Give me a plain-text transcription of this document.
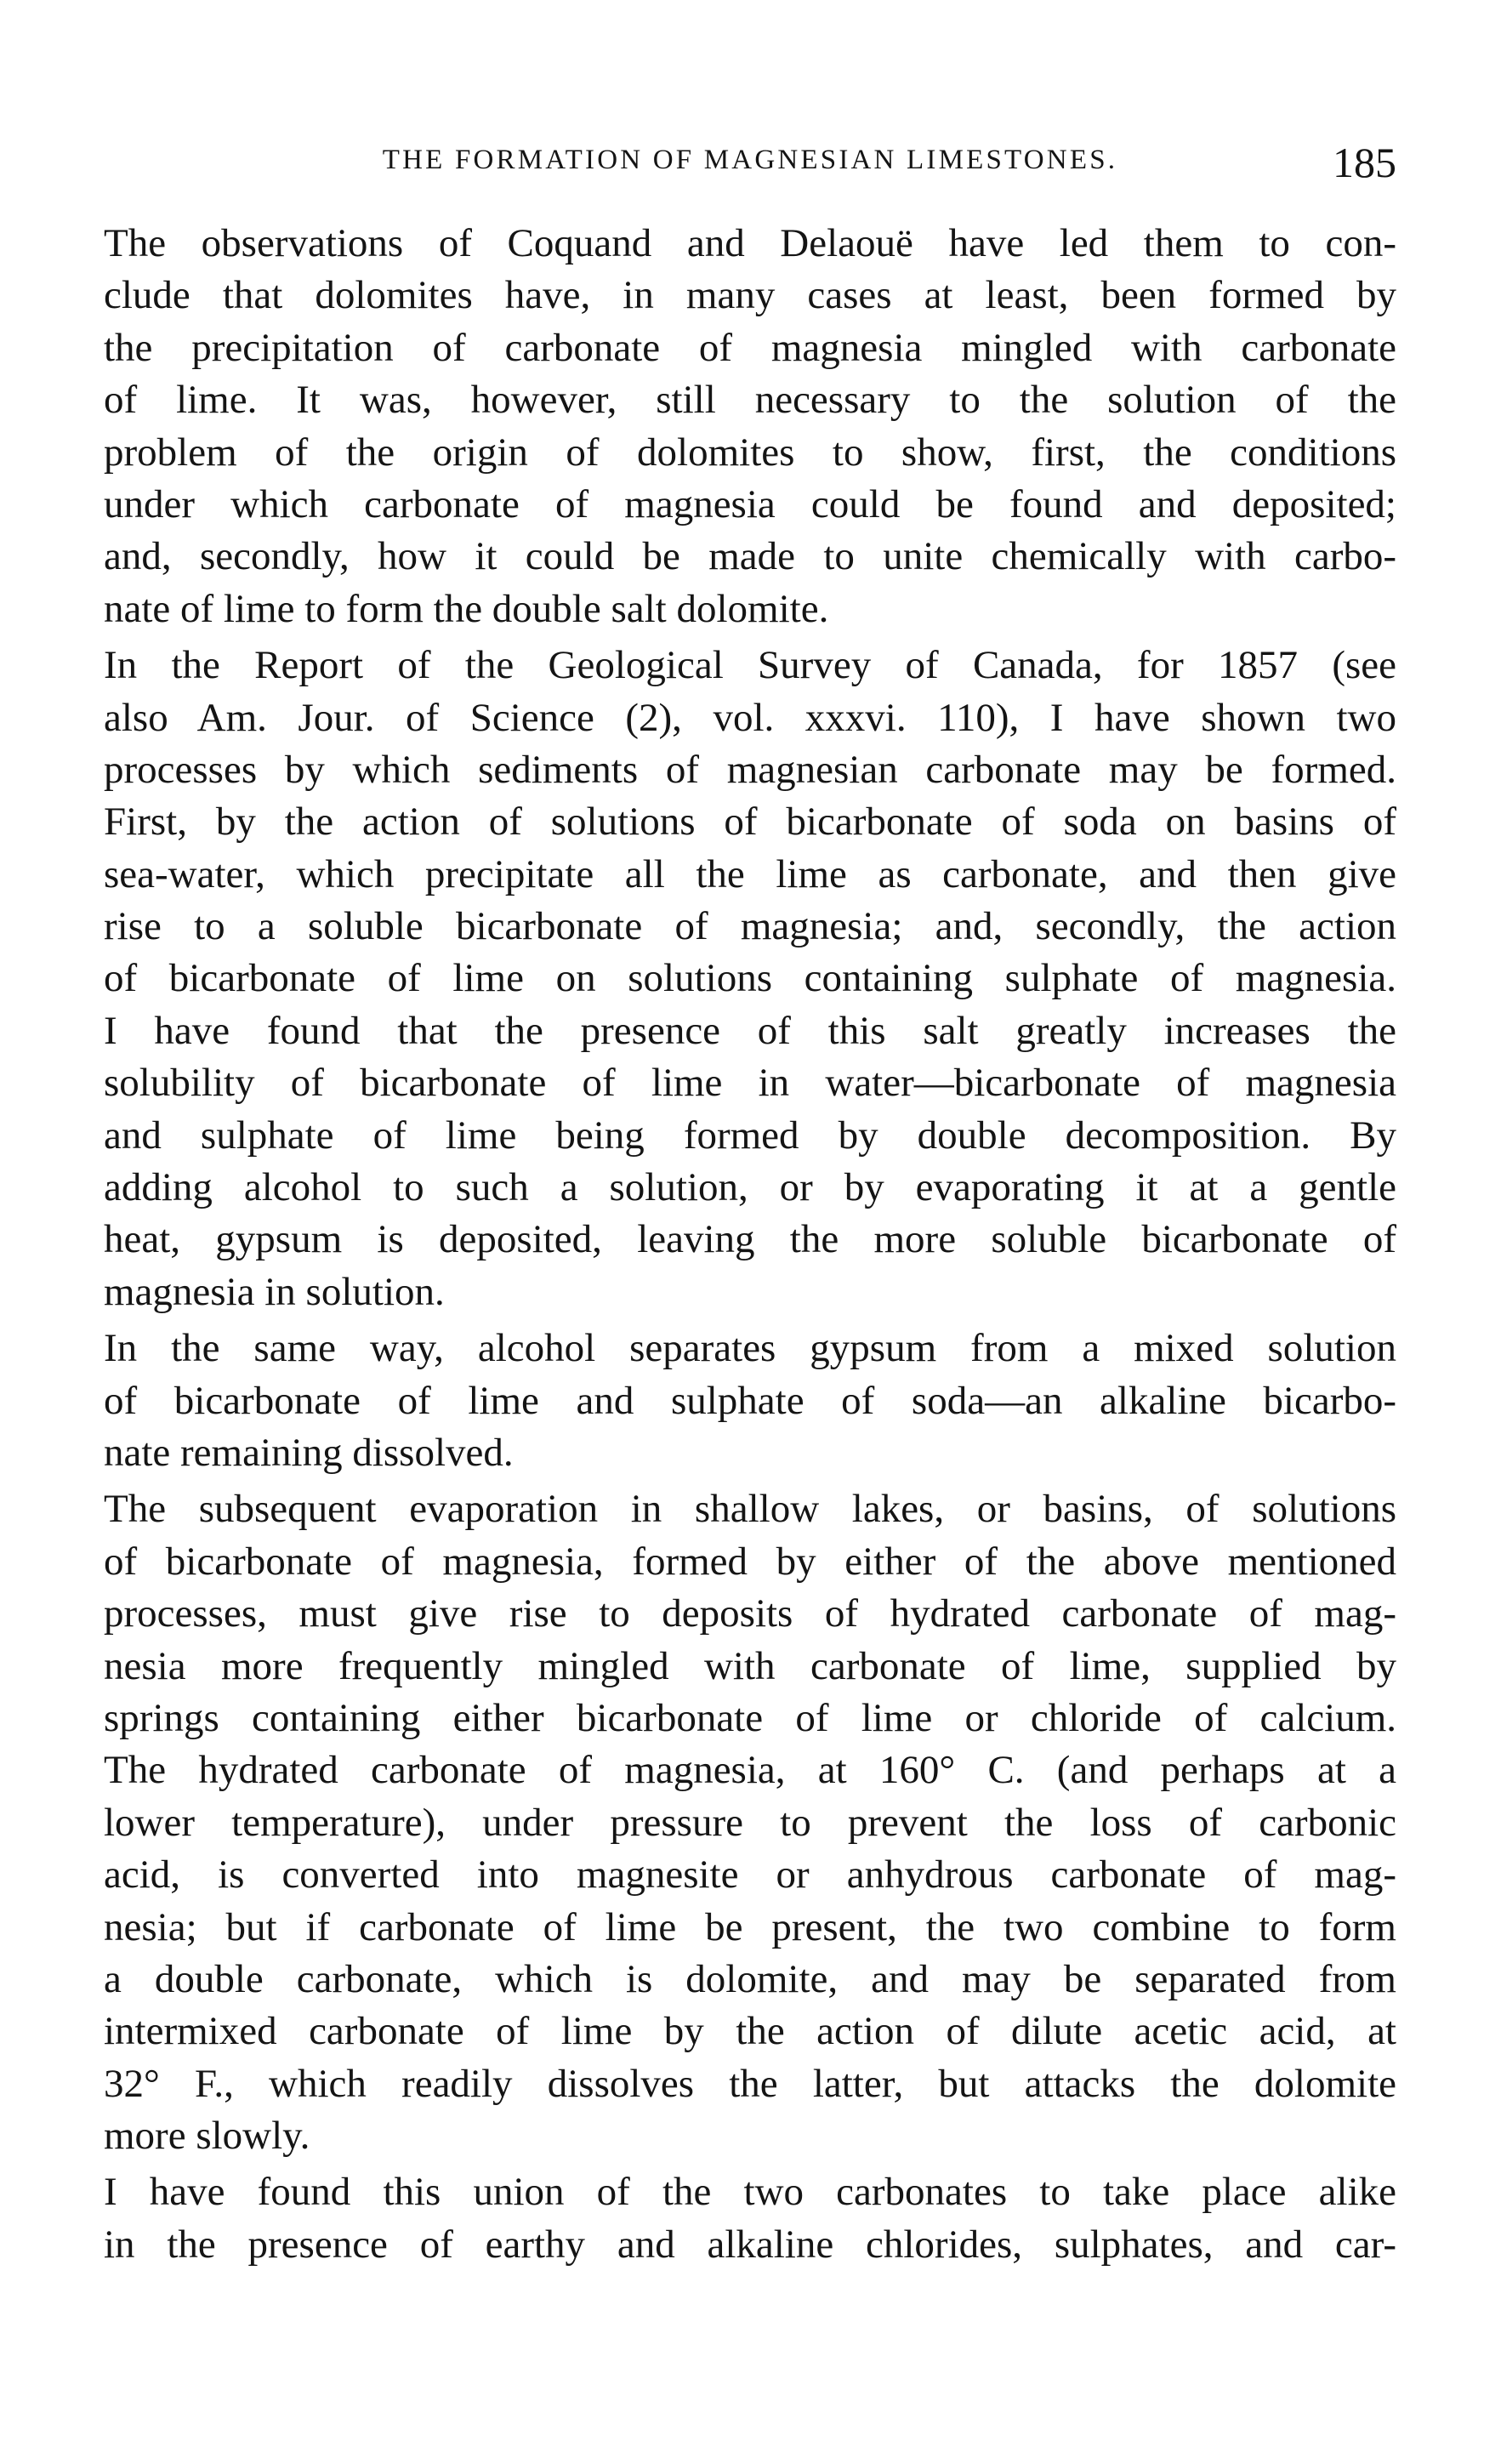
THE FORMATION OF MAGNESIAN LIMESTONES.	185
The observations of Coquand and Delaouë have led them to con-
clude that dolomites have, in many cases at least, been formed by
the precipitation of carbonate of magnesia mingled with carbonate
of lime. It was, however, still necessary to the solution of the
problem of the origin of dolomites to show, first, the conditions
under which carbonate of magnesia could be found and deposited;
and, secondly, how it could be made to unite chemically with carbo-
nate of lime to form the double salt dolomite.
In the Report of the Geological Survey of Canada, for 1857 (see
also Am. Jour. of Science (2), vol. xxxvi. 110), I have shown two
processes by which sediments of magnesian carbonate may be formed.
First, by the action of solutions of bicarbonate of soda on basins of
sea-water, which precipitate all the lime as carbonate, and then give
rise to a soluble bicarbonate of magnesia; and, secondly, the action
of bicarbonate of lime on solutions containing sulphate of magnesia.
I have found that the presence of this salt greatly increases the
solubility of bicarbonate of lime in water—bicarbonate of magnesia
and sulphate of lime being formed by double decomposition. By
adding alcohol to such a solution, or by evaporating it at a gentle
heat, gypsum is deposited, leaving the more soluble bicarbonate of
magnesia in solution.
In the same way, alcohol separates gypsum from a mixed solution
of bicarbonate of lime and sulphate of soda—an alkaline bicarbo-
nate remaining dissolved.
The subsequent evaporation in shallow lakes, or basins, of solutions
of bicarbonate of magnesia, formed by either of the above mentioned
processes, must give rise to deposits of hydrated carbonate of mag-
nesia more frequently mingled with carbonate of lime, supplied by
springs containing either bicarbonate of lime or chloride of calcium.
The hydrated carbonate of magnesia, at 160° C. (and perhaps at a
lower temperature), under pressure to prevent the loss of carbonic
acid, is converted into magnesite or anhydrous carbonate of mag-
nesia; but if carbonate of lime be present, the two combine to form
a double carbonate, which is dolomite, and may be separated from
intermixed carbonate of lime by the action of dilute acetic acid, at
32° F., which readily dissolves the latter, but attacks the dolomite
more slowly.
I have found this union of the two carbonates to take place alike
in the presence of earthy and alkaline chlorides, sulphates, and car-
